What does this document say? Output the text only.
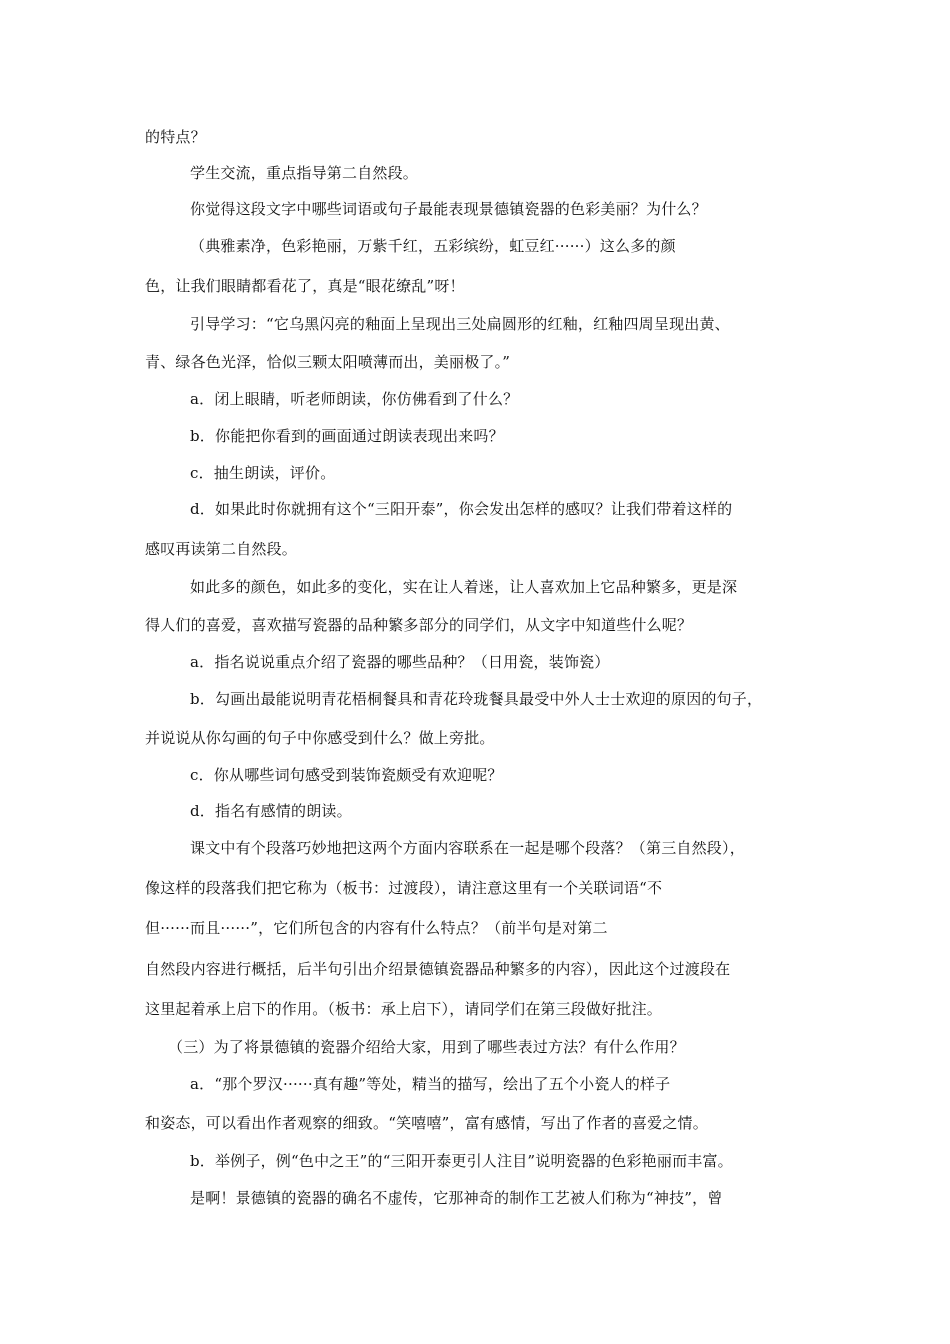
的特点？
学生交流，重点指导第二自然段。
你觉得这段文字中哪些词语或句子最能表现景德镇瓷器的色彩美丽？为什么？
（典雅素净，色彩艳丽，万紫千红，五彩缤纷，虹豆红······）这么多的颜
色，让我们眼睛都看花了，真是“眼花缭乱”呀！
引导学习：“它乌黑闪亮的釉面上呈现出三处扁圆形的红釉，红釉四周呈现出黄、
青、绿各色光泽，恰似三颗太阳喷薄而出，美丽极了。”
a．闭上眼睛，听老师朗读，你仿佛看到了什么？
b．你能把你看到的画面通过朗读表现出来吗？
c．抽生朗读，评价。
d．如果此时你就拥有这个“三阳开泰”，你会发出怎样的感叹？让我们带着这样的
感叹再读第二自然段。
如此多的颜色，如此多的变化，实在让人着迷，让人喜欢加上它品种繁多，更是深
得人们的喜爱，喜欢描写瓷器的品种繁多部分的同学们，从文字中知道些什么呢？
a．指名说说重点介绍了瓷器的哪些品种？（日用瓷，装饰瓷）
b．勾画出最能说明青花梧桐餐具和青花玲珑餐具最受中外人士士欢迎的原因的句子，
并说说从你勾画的句子中你感受到什么？做上旁批。
c．你从哪些词句感受到装饰瓷颇受有欢迎呢？
d．指名有感情的朗读。
课文中有个段落巧妙地把这两个方面内容联系在一起是哪个段落？（第三自然段），
像这样的段落我们把它称为（板书：过渡段），请注意这里有一个关联词语“不
但······而且······”，它们所包含的内容有什么特点？（前半句是对第二
自然段内容进行概括，后半句引出介绍景德镇瓷器品种繁多的内容），因此这个过渡段在
这里起着承上启下的作用。（板书：承上启下），请同学们在第三段做好批注。
（三）为了将景德镇的瓷器介绍给大家，用到了哪些表过方法？有什么作用？
a．“那个罗汉······真有趣”等处，精当的描写，绘出了五个小瓷人的样子
和姿态，可以看出作者观察的细致。“笑嘻嘻”，富有感情，写出了作者的喜爱之情。
b．举例子，例“色中之王”的“三阳开泰更引人注目”说明瓷器的色彩艳丽而丰富。
是啊！景德镇的瓷器的确名不虚传，它那神奇的制作工艺被人们称为“神技”，曾
